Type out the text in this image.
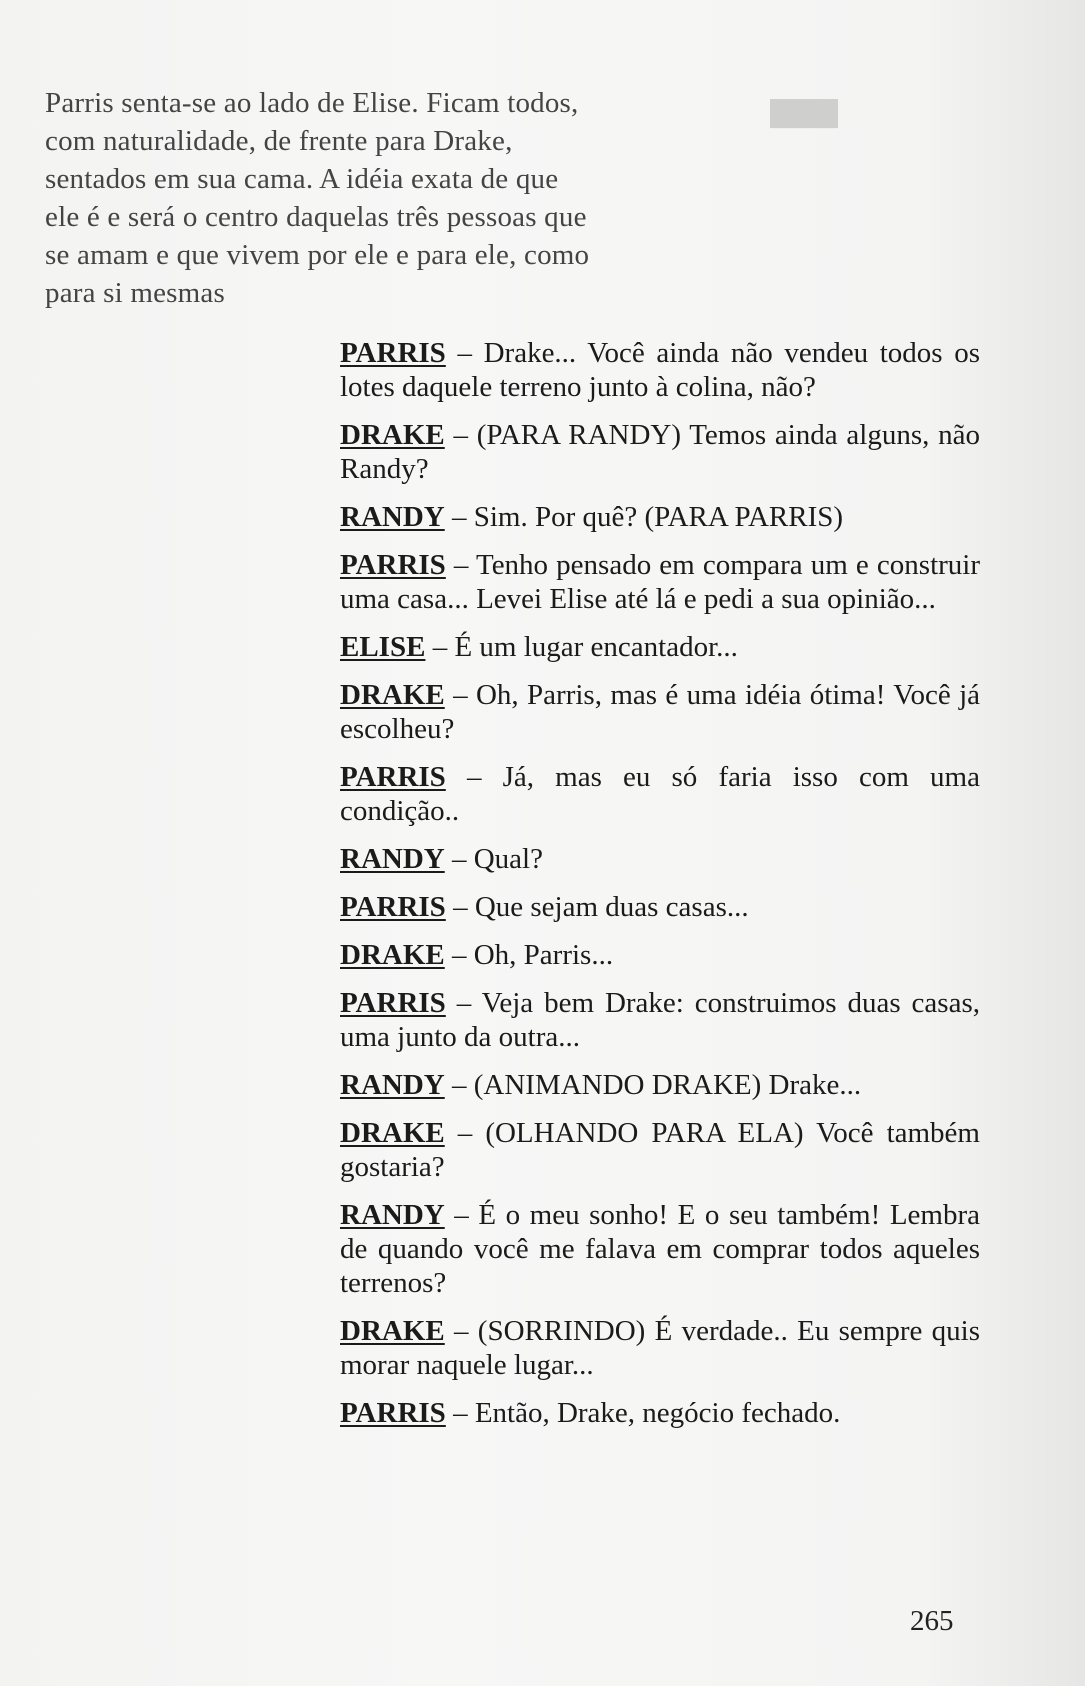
████

Parris senta-se ao lado de Elise. Ficam todos,
com naturalidade, de frente para Drake,
sentados em sua cama. A idéia exata de que
ele é e será o centro daquelas três pessoas que
se amam e que vivem por ele e para ele, como
para si mesmas

PARRIS – Drake... Você ainda não vendeu todos os lotes daquele terreno junto à colina, não?
DRAKE – (PARA RANDY) Temos ainda alguns, não Randy?
RANDY – Sim. Por quê? (PARA PARRIS)
PARRIS – Tenho pensado em compara um e construir uma casa... Levei Elise até lá e pedi a sua opinião...
ELISE – É um lugar encantador...
DRAKE – Oh, Parris, mas é uma idéia ótima! Você já escolheu?
PARRIS – Já, mas eu só faria isso com uma condição..
RANDY – Qual?
PARRIS – Que sejam duas casas...
DRAKE – Oh, Parris...
PARRIS – Veja bem Drake: construimos duas casas, uma junto da outra...
RANDY – (ANIMANDO DRAKE) Drake...
DRAKE – (OLHANDO PARA ELA) Você também gostaria?
RANDY – É o meu sonho! E o seu também! Lembra de quando você me falava em comprar todos aqueles terrenos?
DRAKE – (SORRINDO) É verdade.. Eu sempre quis morar naquele lugar...
PARRIS – Então, Drake, negócio fechado.
265
